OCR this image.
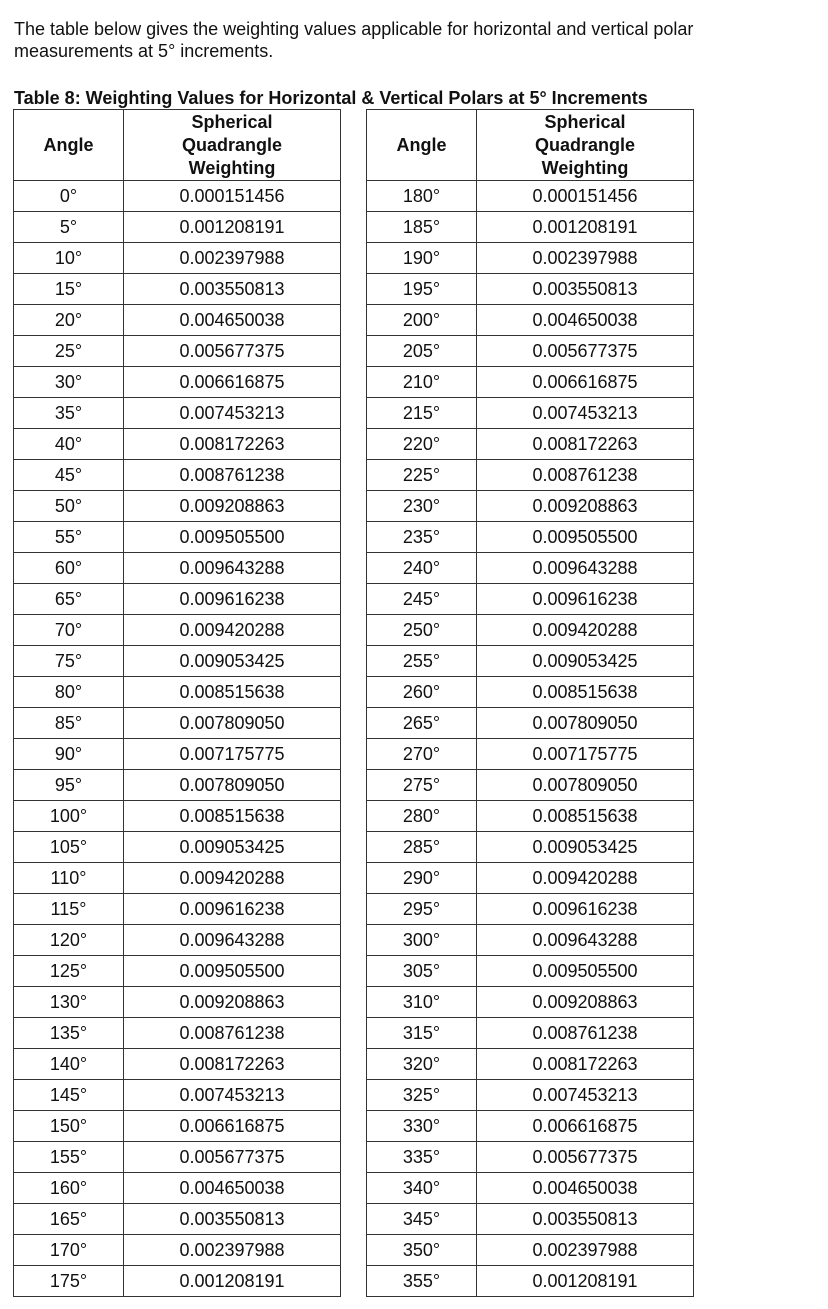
The table below gives the weighting values applicable for horizontal and vertical polar measurements at 5° increments.

Table 8: Weighting Values for Horizontal & Vertical Polars at 5° Increments

Angle	Spherical
Quadrangle
Weighting
0°	0.000151456
5°	0.001208191
10°	0.002397988
15°	0.003550813
20°	0.004650038
25°	0.005677375
30°	0.006616875
35°	0.007453213
40°	0.008172263
45°	0.008761238
50°	0.009208863
55°	0.009505500
60°	0.009643288
65°	0.009616238
70°	0.009420288
75°	0.009053425
80°	0.008515638
85°	0.007809050
90°	0.007175775
95°	0.007809050
100°	0.008515638
105°	0.009053425
110°	0.009420288
115°	0.009616238
120°	0.009643288
125°	0.009505500
130°	0.009208863
135°	0.008761238
140°	0.008172263
145°	0.007453213
150°	0.006616875
155°	0.005677375
160°	0.004650038
165°	0.003550813
170°	0.002397988
175°	0.001208191
Angle	Spherical
Quadrangle
Weighting
180°	0.000151456
185°	0.001208191
190°	0.002397988
195°	0.003550813
200°	0.004650038
205°	0.005677375
210°	0.006616875
215°	0.007453213
220°	0.008172263
225°	0.008761238
230°	0.009208863
235°	0.009505500
240°	0.009643288
245°	0.009616238
250°	0.009420288
255°	0.009053425
260°	0.008515638
265°	0.007809050
270°	0.007175775
275°	0.007809050
280°	0.008515638
285°	0.009053425
290°	0.009420288
295°	0.009616238
300°	0.009643288
305°	0.009505500
310°	0.009208863
315°	0.008761238
320°	0.008172263
325°	0.007453213
330°	0.006616875
335°	0.005677375
340°	0.004650038
345°	0.003550813
350°	0.002397988
355°	0.001208191
